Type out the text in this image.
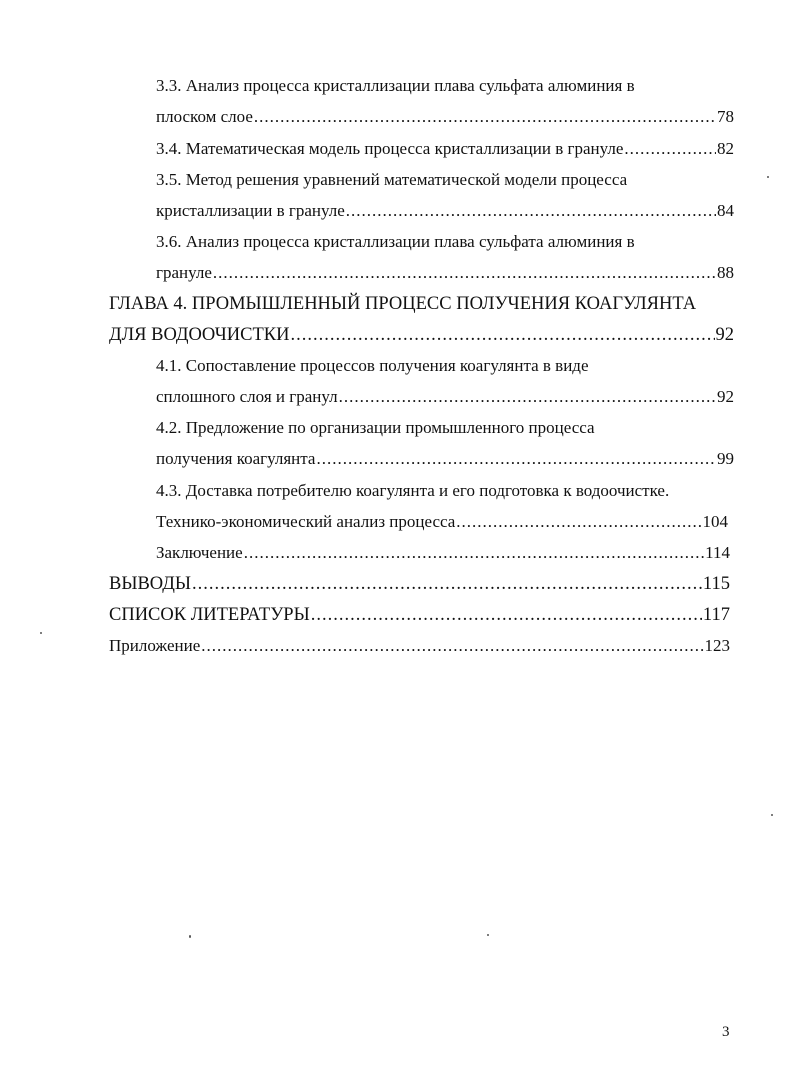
3.3. Анализ процесса кристаллизации плава сульфата алюминия в
плоском слое .....	78
3.4. Математическая модель процесса кристаллизации в грануле .....	82
3.5. Метод решения уравнений математической модели процесса
кристаллизации в грануле .....	84
3.6. Анализ процесса кристаллизации плава сульфата алюминия в
грануле .....	88
ГЛАВА 4. ПРОМЫШЛЕННЫЙ ПРОЦЕСС ПОЛУЧЕНИЯ КОАГУЛЯНТА
ДЛЯ ВОДООЧИСТКИ .....	92
4.1. Сопоставление процессов получения коагулянта в виде
сплошного слоя и гранул .....	92
4.2. Предложение по организации промышленного процесса
получения коагулянта .....	99
4.3. Доставка потребителю коагулянта и его подготовка к водоочистке.
Технико-экономический анализ процесса .....	104
Заключение .....	114
ВЫВОДЫ .....	115
СПИСОК ЛИТЕРАТУРЫ .....	117
Приложение .....	123
3
